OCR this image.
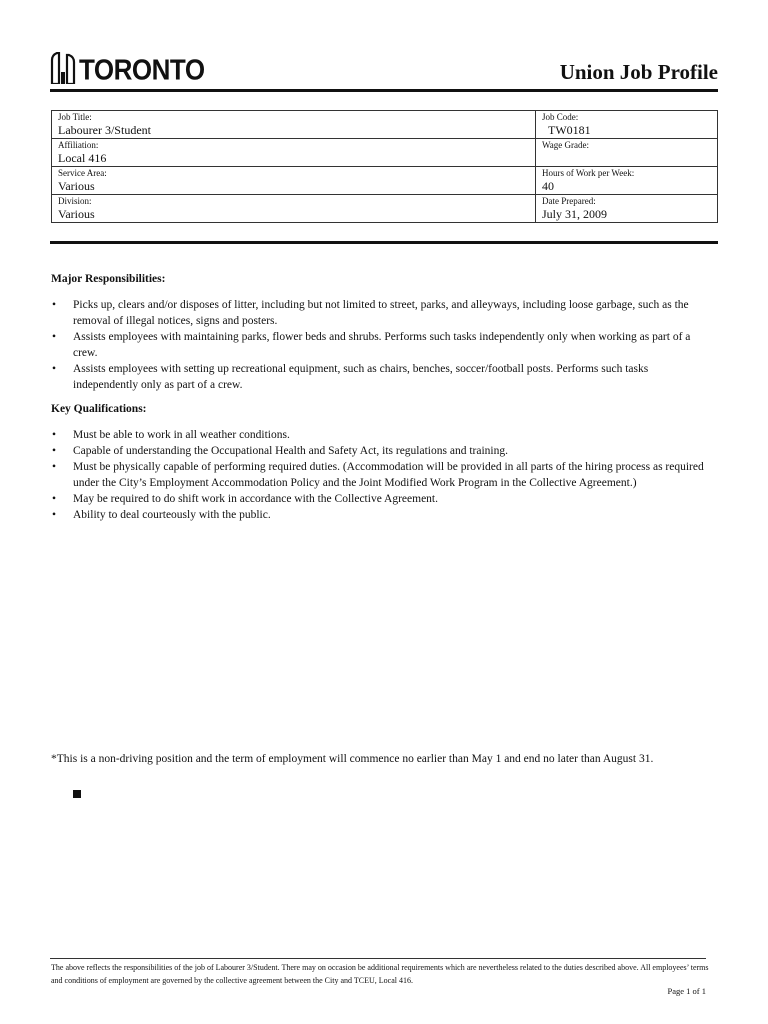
TORONTO	Union Job Profile
Job Title:
Labourer 3/Student	Job Code:
TW0181

Affiliation:
Local 416	Wage Grade:

Service Area:
Various	Hours of Work per Week:
40

Division:
Various	Date Prepared:
July 31, 2009
Major Responsibilities:
• Picks up, clears and/or disposes of litter, including but not limited to street, parks, and alleyways, including loose garbage, such as the removal of illegal notices, signs and posters.
• Assists employees with maintaining parks, flower beds and shrubs. Performs such tasks independently only when working as part of a crew.
• Assists employees with setting up recreational equipment, such as chairs, benches, soccer/football posts. Performs such tasks independently only as part of a crew.
Key Qualifications:
• Must be able to work in all weather conditions.
• Capable of understanding the Occupational Health and Safety Act, its regulations and training.
• Must be physically capable of performing required duties. (Accommodation will be provided in all parts of the hiring process as required under the City’s Employment Accommodation Policy and the Joint Modified Work Program in the Collective Agreement.)
• May be required to do shift work in accordance with the Collective Agreement.
• Ability to deal courteously with the public.
*This is a non-driving position and the term of employment will commence no earlier than May 1 and end no later than August 31.
The above reflects the responsibilities of the job of Labourer 3/Student. There may on occasion be additional requirements which are nevertheless related to the duties described above. All employees’ terms and conditions of employment are governed by the collective agreement between the City and TCEU, Local 416.
Page 1 of 1
